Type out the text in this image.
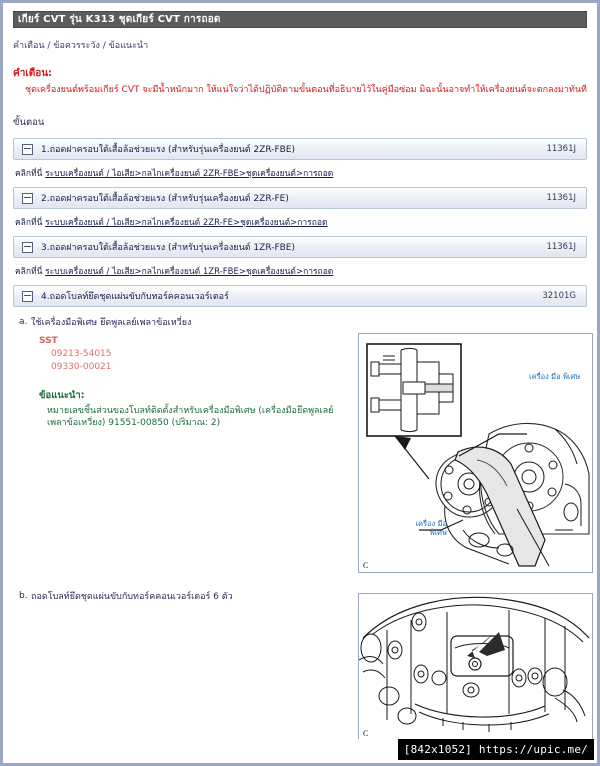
เกียร์ CVT รุ่น K313 ชุดเกียร์ CVT การถอด
คำเตือน / ข้อควรระวัง / ข้อแนะนำ
คำเตือน:
ชุดเครื่องยนต์พร้อมเกียร์ CVT จะมีน้ำหนักมาก ให้แน่ใจว่าได้ปฏิบัติตามขั้นตอนที่อธิบายไว้ในคู่มือซ่อม มิฉะนั้นอาจทำให้เครื่องยนต์จะตกลงมาทันที
ขั้นตอน
1.ถอดฝาครอบใต้เสื้อล้อช่วยแรง (สำหรับรุ่นเครื่องยนต์ 2ZR-FBE)	11361J
คลิกที่นี่ ระบบเครื่องยนต์ / ไอเสีย>กลไกเครื่องยนต์ 2ZR-FBE>ชุดเครื่องยนต์>การถอด
2.ถอดฝาครอบใต้เสื้อล้อช่วยแรง (สำหรับรุ่นเครื่องยนต์ 2ZR-FE)	11361J
คลิกที่นี่ ระบบเครื่องยนต์ / ไอเสีย>กลไกเครื่องยนต์ 2ZR-FE>ชุดเครื่องยนต์>การถอด
3.ถอดฝาครอบใต้เสื้อล้อช่วยแรง (สำหรับรุ่นเครื่องยนต์ 1ZR-FBE)	11361J
คลิกที่นี่ ระบบเครื่องยนต์ / ไอเสีย>กลไกเครื่องยนต์ 1ZR-FBE>ชุดเครื่องยนต์>การถอด
4.ถอดโบลท์ยึดชุดแผ่นขับกับทอร์คคอนเวอร์เตอร์	32101G
a. ใช้เครื่องมือพิเศษ ยึดพูลเลย์เพลาข้อเหวี่ยง
SST
09213-54015
09330-00021
ข้อแนะนำ:
หมายเลขชิ้นส่วนของโบลท์ติดตั้งสำหรับเครื่องมือพิเศษ (เครื่องมือยึดพูลเลย์เพลาข้อเหวี่ยง) 91551-00850 (ปริมาณ: 2)
b. ถอดโบลท์ยึดชุดแผ่นขับกับทอร์คคอนเวอร์เตอร์ 6 ตัว
เครื่อง มือ พิเศษ
เครื่อง มือ พิเศษ
C
C
[842x1052] https://upic.me/
